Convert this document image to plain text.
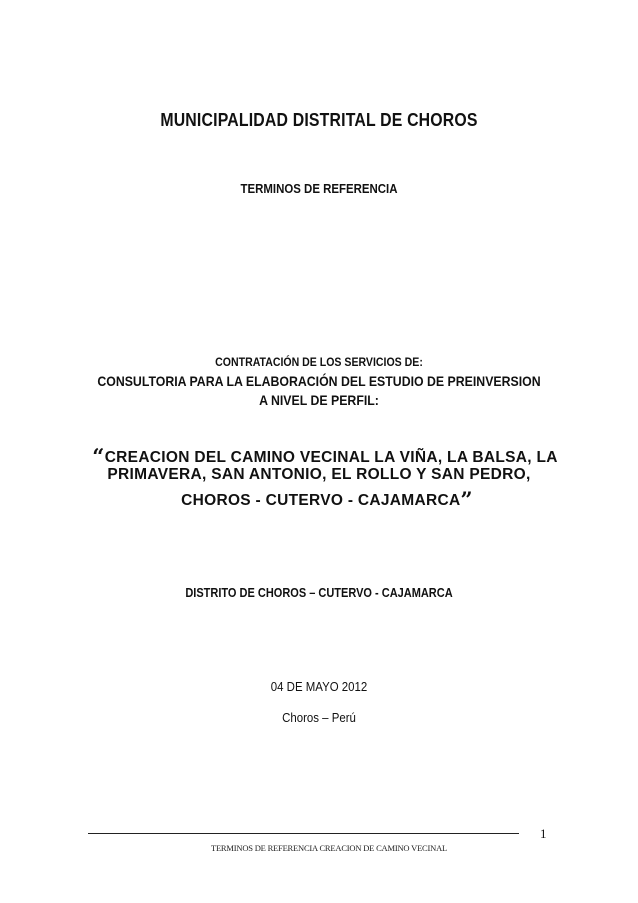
MUNICIPALIDAD DISTRITAL DE CHOROS
TERMINOS DE REFERENCIA
CONTRATACIÓN DE LOS SERVICIOS DE:
CONSULTORIA PARA LA ELABORACIÓN DEL ESTUDIO DE PREINVERSION
A NIVEL DE PERFIL:
“CREACION DEL CAMINO VECINAL LA VIÑA, LA BALSA, LA
PRIMAVERA, SAN ANTONIO, EL ROLLO Y SAN PEDRO,
CHOROS - CUTERVO - CAJAMARCA”
DISTRITO DE CHOROS – CUTERVO - CAJAMARCA
04 DE MAYO 2012
Choros – Perú
1
TERMINOS DE REFERENCIA CREACION DE CAMINO VECINAL
